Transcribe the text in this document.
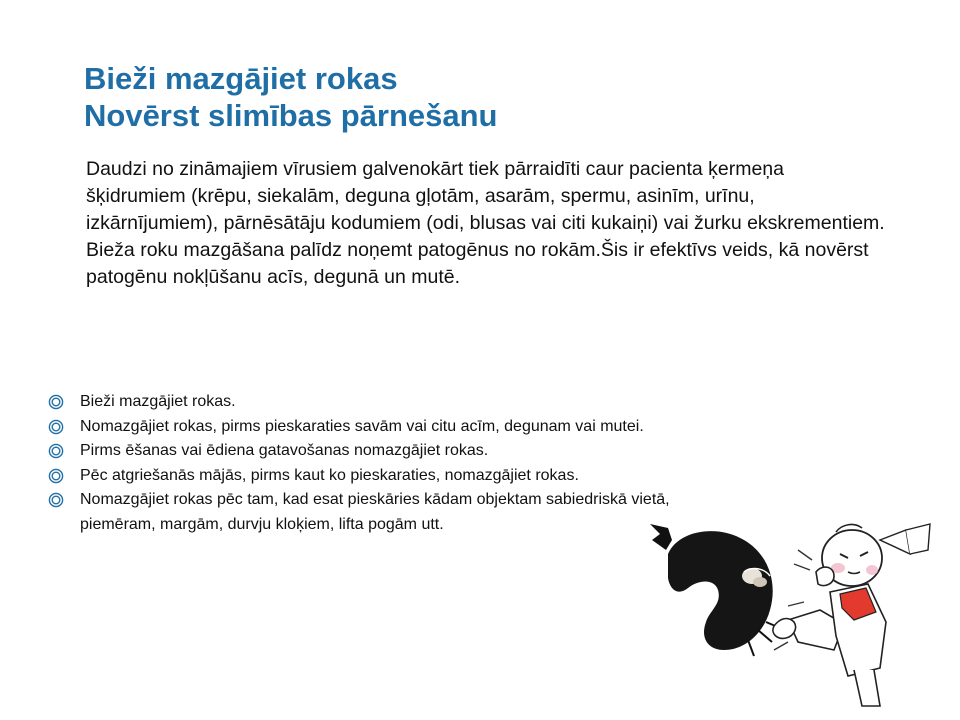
Bieži mazgājiet rokas
Novērst slimības pārnešanu

Daudzi no zināmajiem vīrusiem galvenokārt tiek pārraidīti caur pacienta ķermeņa šķidrumiem (krēpu, siekalām, deguna gļotām, asarām, spermu, asinīm, urīnu, izkārnījumiem), pārnēsātāju kodumiem (odi, blusas vai citi kukaiņi) vai žurku ekskrementiem.

Bieža roku mazgāšana palīdz noņemt patogēnus no rokām.Šis ir efektīvs veids, kā novērst patogēnu nokļūšanu acīs, degunā un mutē.

Bieži mazgājiet rokas.
Nomazgājiet rokas, pirms pieskaraties savām vai citu acīm, degunam vai mutei.
Pirms ēšanas vai ēdiena gatavošanas nomazgājiet rokas.
Pēc atgriešanās mājās, pirms kaut ko pieskaraties, nomazgājiet rokas.
Nomazgājiet rokas pēc tam, kad esat pieskāries kādam objektam sabiedriskā vietā,
piemēram, margām, durvju kloķiem, lifta pogām utt.
